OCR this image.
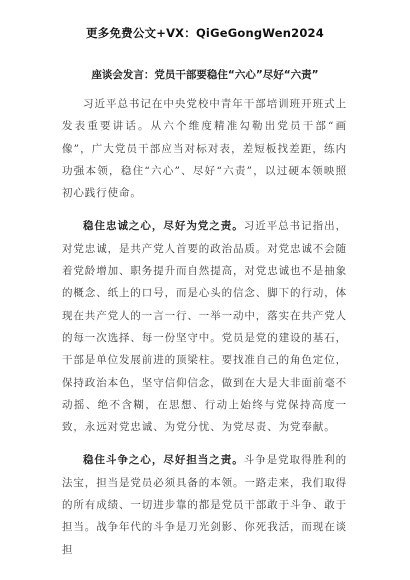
更多免费公文+VX：QiGeGongWen2024
座谈会发言：党员干部要稳住“六心”尽好“六责”

习近平总书记在中央党校中青年干部培训班开班式上发表重要讲话。从六个维度精准勾勒出党员干部“画像”，广大党员干部应当对标对表，差短板找差距，练内功强本领，稳住“六心”、尽好“六责”，以过硬本领映照初心践行使命。

稳住忠诚之心，尽好为党之责。习近平总书记指出，对党忠诚，是共产党人首要的政治品质。对党忠诚不会随着党龄增加、职务提升而自然提高，对党忠诚也不是抽象的概念、纸上的口号，而是心头的信念、脚下的行动，体现在共产党人的一言一行、一举一动中，落实在共产党人的每一次选择、每一份坚守中。党员是党的建设的基石，干部是单位发展前进的顶梁柱。要找准自己的角色定位，保持政治本色，坚守信仰信念，做到在大是大非面前毫不动摇、绝不含糊，在思想、行动上始终与党保持高度一致，永远对党忠诚、为党分忧、为党尽责、为党奉献。

稳住斗争之心，尽好担当之责。斗争是党取得胜利的法宝，担当是党员必须具备的本领。一路走来，我们取得的所有成绩、一切进步靠的都是党员干部敢于斗争、敢于担当。战争年代的斗争是刀光剑影、你死我活，而现在谈担
